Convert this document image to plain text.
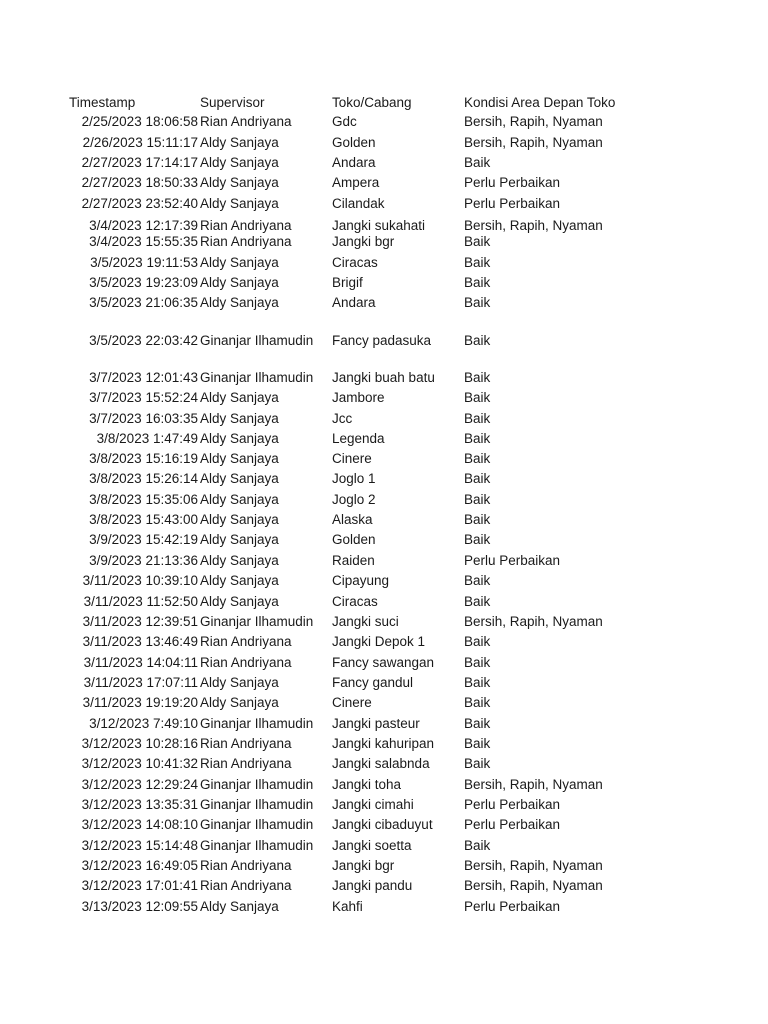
Timestamp	Supervisor	Toko/Cabang	Kondisi Area Depan Toko
2/25/2023 18:06:58 Rian Andriyana	Gdc	Bersih, Rapih, Nyaman
2/26/2023 15:11:17 Aldy Sanjaya	Golden	Bersih, Rapih, Nyaman
2/27/2023 17:14:17 Aldy Sanjaya	Andara	Baik
2/27/2023 18:50:33 Aldy Sanjaya	Ampera	Perlu Perbaikan
2/27/2023 23:52:40 Aldy Sanjaya	Cilandak	Perlu Perbaikan
3/4/2023 12:17:39 Rian Andriyana	Jangki sukahati	Bersih, Rapih, Nyaman
3/4/2023 15:55:35 Rian Andriyana	Jangki bgr	Baik
3/5/2023 19:11:53 Aldy Sanjaya	Ciracas	Baik
3/5/2023 19:23:09 Aldy Sanjaya	Brigif	Baik
3/5/2023 21:06:35 Aldy Sanjaya	Andara	Baik
3/5/2023 22:03:42 Ginanjar Ilhamudin	Fancy padasuka	Baik
3/7/2023 12:01:43 Ginanjar Ilhamudin	Jangki buah batu	Baik
3/7/2023 15:52:24 Aldy Sanjaya	Jambore	Baik
3/7/2023 16:03:35 Aldy Sanjaya	Jcc	Baik
3/8/2023 1:47:49 Aldy Sanjaya	Legenda	Baik
3/8/2023 15:16:19 Aldy Sanjaya	Cinere	Baik
3/8/2023 15:26:14 Aldy Sanjaya	Joglo 1	Baik
3/8/2023 15:35:06 Aldy Sanjaya	Joglo 2	Baik
3/8/2023 15:43:00 Aldy Sanjaya	Alaska	Baik
3/9/2023 15:42:19 Aldy Sanjaya	Golden	Baik
3/9/2023 21:13:36 Aldy Sanjaya	Raiden	Perlu Perbaikan
3/11/2023 10:39:10 Aldy Sanjaya	Cipayung	Baik
3/11/2023 11:52:50 Aldy Sanjaya	Ciracas	Baik
3/11/2023 12:39:51 Ginanjar Ilhamudin	Jangki suci	Bersih, Rapih, Nyaman
3/11/2023 13:46:49 Rian Andriyana	Jangki Depok 1	Baik
3/11/2023 14:04:11 Rian Andriyana	Fancy sawangan	Baik
3/11/2023 17:07:11 Aldy Sanjaya	Fancy gandul	Baik
3/11/2023 19:19:20 Aldy Sanjaya	Cinere	Baik
3/12/2023 7:49:10 Ginanjar Ilhamudin	Jangki pasteur	Baik
3/12/2023 10:28:16 Rian Andriyana	Jangki kahuripan	Baik
3/12/2023 10:41:32 Rian Andriyana	Jangki salabnda	Baik
3/12/2023 12:29:24 Ginanjar Ilhamudin	Jangki toha	Bersih, Rapih, Nyaman
3/12/2023 13:35:31 Ginanjar Ilhamudin	Jangki cimahi	Perlu Perbaikan
3/12/2023 14:08:10 Ginanjar Ilhamudin	Jangki cibaduyut	Perlu Perbaikan
3/12/2023 15:14:48 Ginanjar Ilhamudin	Jangki soetta	Baik
3/12/2023 16:49:05 Rian Andriyana	Jangki bgr	Bersih, Rapih, Nyaman
3/12/2023 17:01:41 Rian Andriyana	Jangki pandu	Bersih, Rapih, Nyaman
3/13/2023 12:09:55 Aldy Sanjaya	Kahfi	Perlu Perbaikan
